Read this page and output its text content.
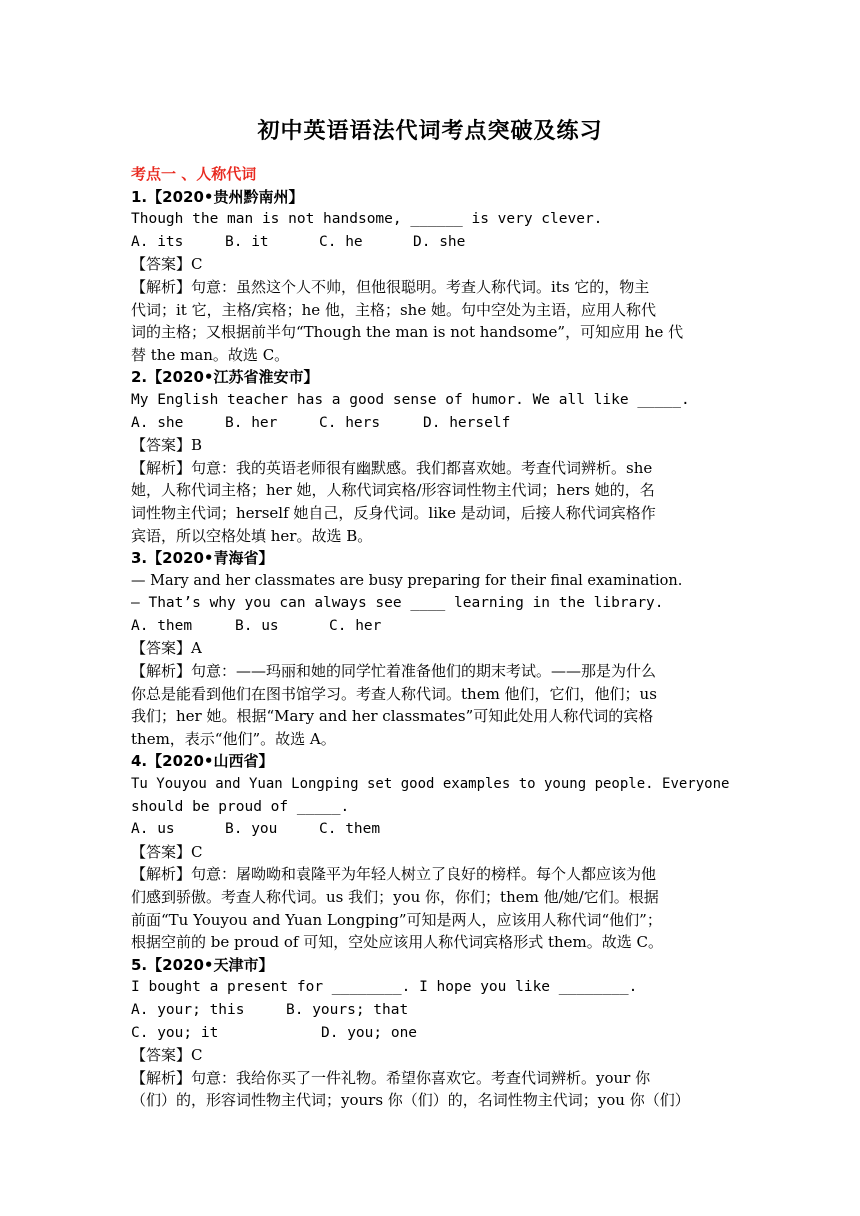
初中英语语法代词考点突破及练习
考点一 、人称代词
1.【2020•贵州黔南州】
Though the man is not handsome, ______ is very clever.
A. its	B. it	C. he	D. she
【答案】C
【解析】句意：虽然这个人不帅，但他很聪明。考查人称代词。its 它的，物主
代词；it 它，主格/宾格；he 他，主格；she 她。句中空处为主语，应用人称代
词的主格；又根据前半句“Though the man is not handsome”，可知应用 he 代
替 the man。故选 C。
2.【2020•江苏省淮安市】
My English teacher has a good sense of humor. We all like _____.
A. she	B. her	C. hers	D. herself
【答案】B
【解析】句意：我的英语老师很有幽默感。我们都喜欢她。考查代词辨析。she
她，人称代词主格；her 她，人称代词宾格/形容词性物主代词；hers 她的，名
词性物主代词；herself 她自己，反身代词。like 是动词，后接人称代词宾格作
宾语，所以空格处填 her。故选 B。
3.【2020•青海省】
— Mary and her classmates are busy preparing for their final examination.
— That’s why you can always see ____ learning in the library.
A. them	B. us	C. her
【答案】A
【解析】句意：——玛丽和她的同学忙着准备他们的期末考试。——那是为什么
你总是能看到他们在图书馆学习。考查人称代词。them 他们，它们，他们；us
我们；her 她。根据“Mary and her classmates”可知此处用人称代词的宾格
them，表示“他们”。故选 A。
4.【2020•山西省】
Tu Youyou and Yuan Longping set good examples to young people. Everyone
should be proud of _____.
A. us	B. you	C. them
【答案】C
【解析】句意：屠呦呦和袁隆平为年轻人树立了良好的榜样。每个人都应该为他
们感到骄傲。考查人称代词。us 我们；you 你，你们；them 他/她/它们。根据
前面“Tu Youyou and Yuan Longping”可知是两人，应该用人称代词“他们”；
根据空前的 be proud of 可知，空处应该用人称代词宾格形式 them。故选 C。
5.【2020•天津市】
I bought a present for ________. I hope you like ________.
A. your; this	B. yours; that
C. you; it	D. you; one
【答案】C
【解析】句意：我给你买了一件礼物。希望你喜欢它。考查代词辨析。your 你
（们）的，形容词性物主代词；yours 你（们）的，名词性物主代词；you 你（们）
